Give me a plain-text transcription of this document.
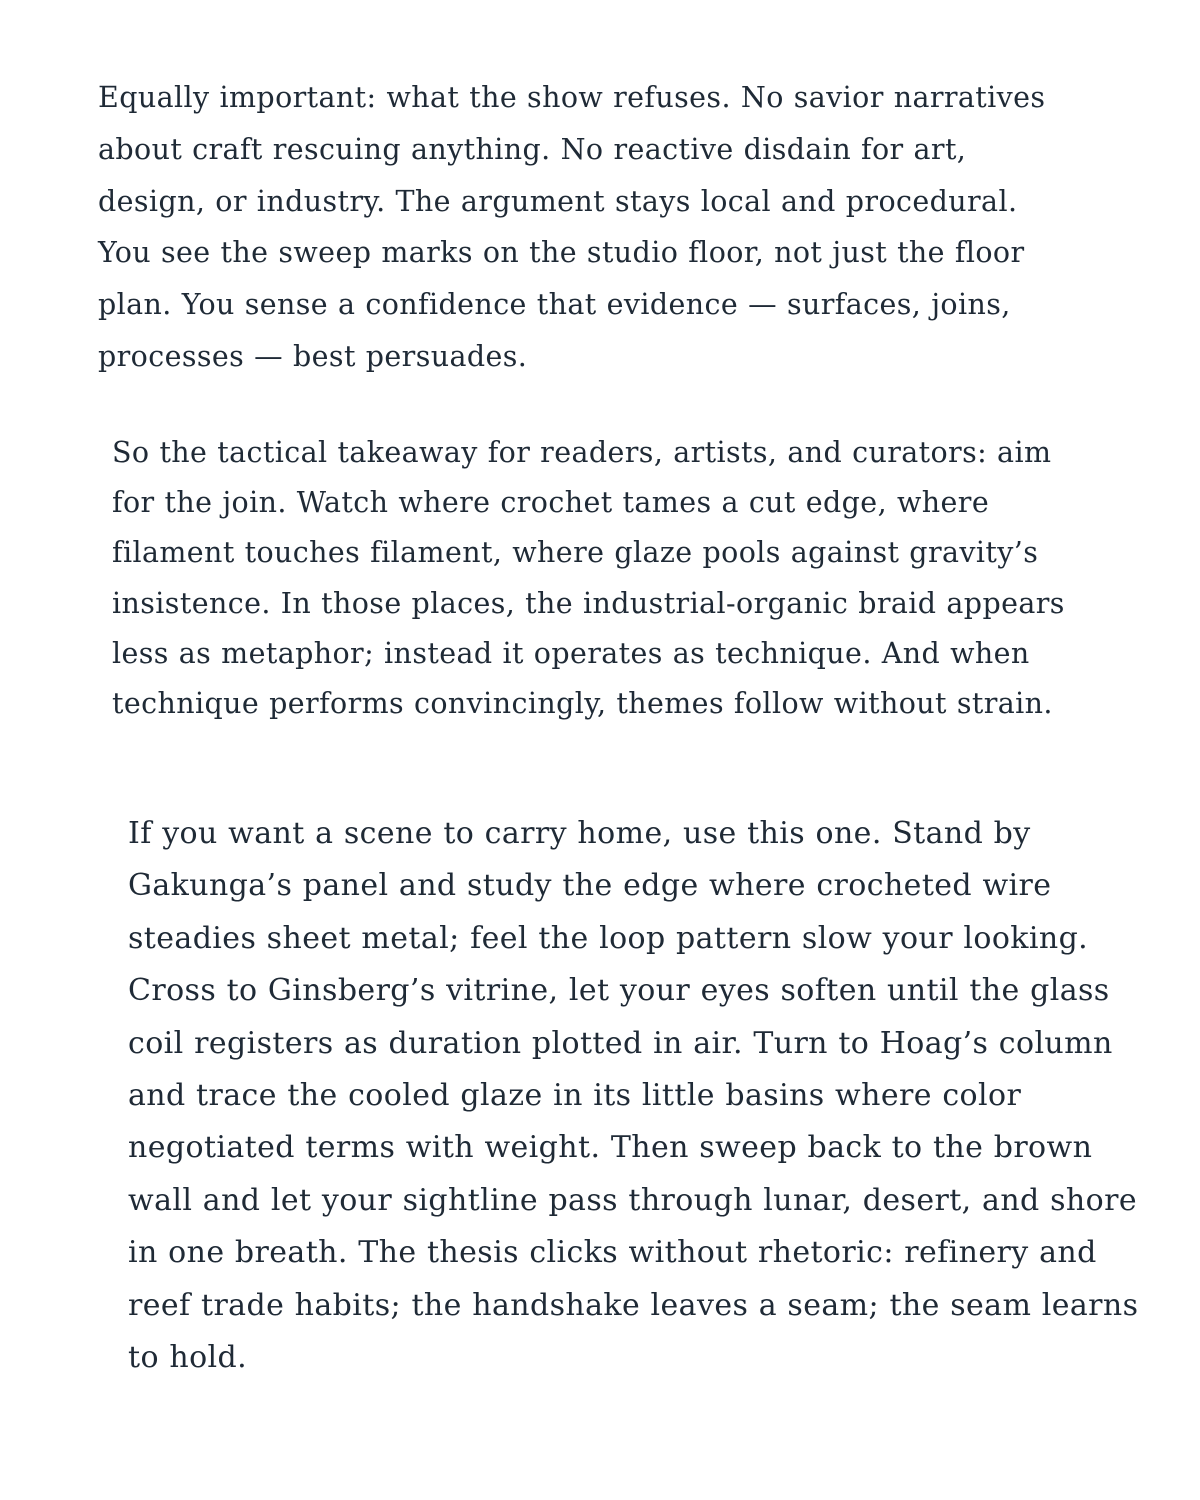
Equally important: what the show refuses. No savior narratives
about craft rescuing anything. No reactive disdain for art,
design, or industry. The argument stays local and procedural.
You see the sweep marks on the studio floor, not just the floor
plan. You sense a confidence that evidence — surfaces, joins,
processes — best persuades.

So the tactical takeaway for readers, artists, and curators: aim
for the join. Watch where crochet tames a cut edge, where
filament touches filament, where glaze pools against gravity’s
insistence. In those places, the industrial-organic braid appears
less as metaphor; instead it operates as technique. And when
technique performs convincingly, themes follow without strain.

If you want a scene to carry home, use this one. Stand by
Gakunga’s panel and study the edge where crocheted wire
steadies sheet metal; feel the loop pattern slow your looking.
Cross to Ginsberg’s vitrine, let your eyes soften until the glass
coil registers as duration plotted in air. Turn to Hoag’s column
and trace the cooled glaze in its little basins where color
negotiated terms with weight. Then sweep back to the brown
wall and let your sightline pass through lunar, desert, and shore
in one breath. The thesis clicks without rhetoric: refinery and
reef trade habits; the handshake leaves a seam; the seam learns
to hold.
